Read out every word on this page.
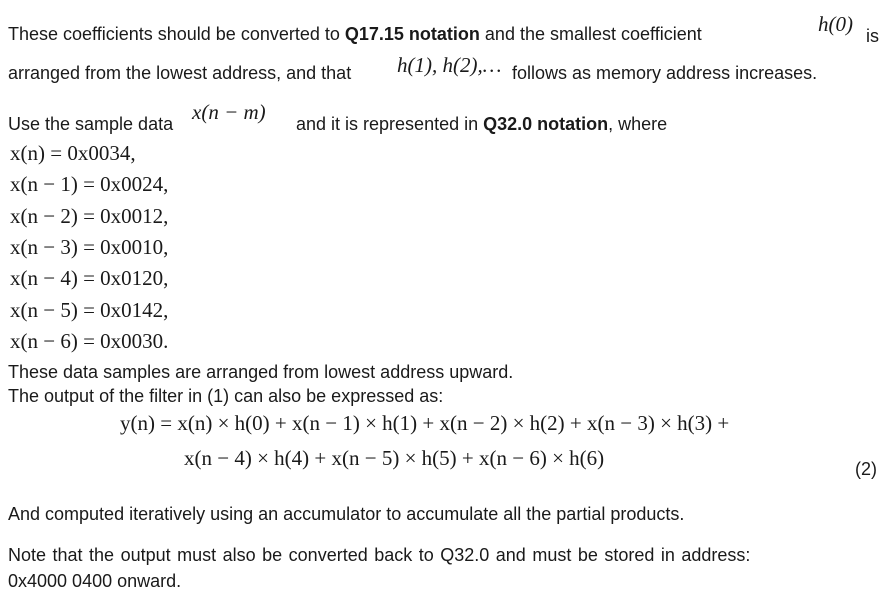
These coefficients should be converted to Q17.15 notation and the smallest coefficient	h(0) is
arranged from the lowest address, and that h(1), h(2),… follows as memory address increases.
Use the sample data x(n − m) and it is represented in Q32.0 notation, where
x(n) = 0x0034,
x(n − 1) = 0x0024,
x(n − 2) = 0x0012,
x(n − 3) = 0x0010,
x(n − 4) = 0x0120,
x(n − 5) = 0x0142,
x(n − 6) = 0x0030.
These data samples are arranged from lowest address upward.
The output of the filter in (1) can also be expressed as:
y(n) = x(n) × h(0) + x(n − 1) × h(1) + x(n − 2) × h(2) + x(n − 3) × h(3) +
x(n − 4) × h(4) + x(n − 5) × h(5) + x(n − 6) × h(6)	(2)
And computed iteratively using an accumulator to accumulate all the partial products.
Note that the output must also be converted back to Q32.0 and must be stored in address:
0x4000 0400 onward.
